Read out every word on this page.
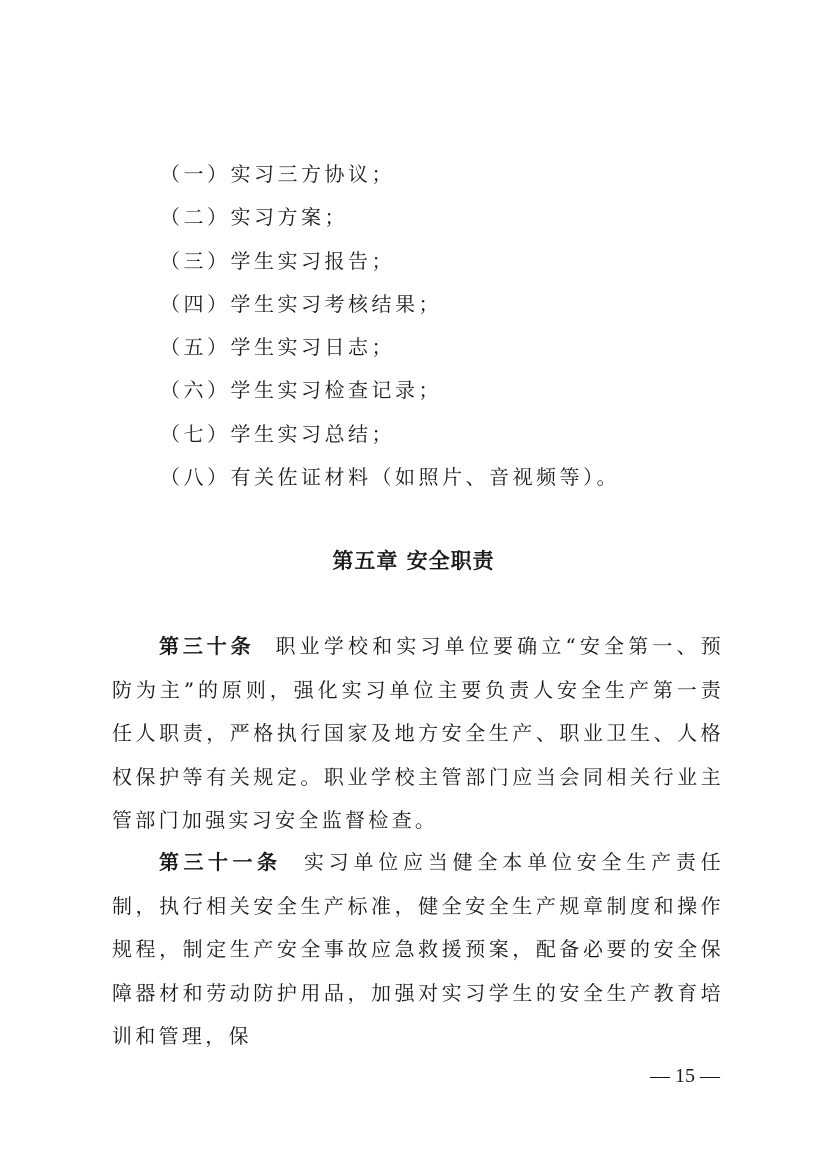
（一）实习三方协议；
（二）实习方案；
（三）学生实习报告；
（四）学生实习考核结果；
（五）学生实习日志；
（六）学生实习检查记录；
（七）学生实习总结；
（八）有关佐证材料（如照片、音视频等）。
第五章 安全职责

第三十条 职业学校和实习单位要确立“安全第一、预防为主”的原则，强化实习单位主要负责人安全生产第一责任人职责，严格执行国家及地方安全生产、职业卫生、人格权保护等有关规定。职业学校主管部门应当会同相关行业主管部门加强实习安全监督检查。

第三十一条 实习单位应当健全本单位安全生产责任制，执行相关安全生产标准，健全安全生产规章制度和操作规程，制定生产安全事故应急救援预案，配备必要的安全保障器材和劳动防护用品，加强对实习学生的安全生产教育培训和管理，保

— 15 —
